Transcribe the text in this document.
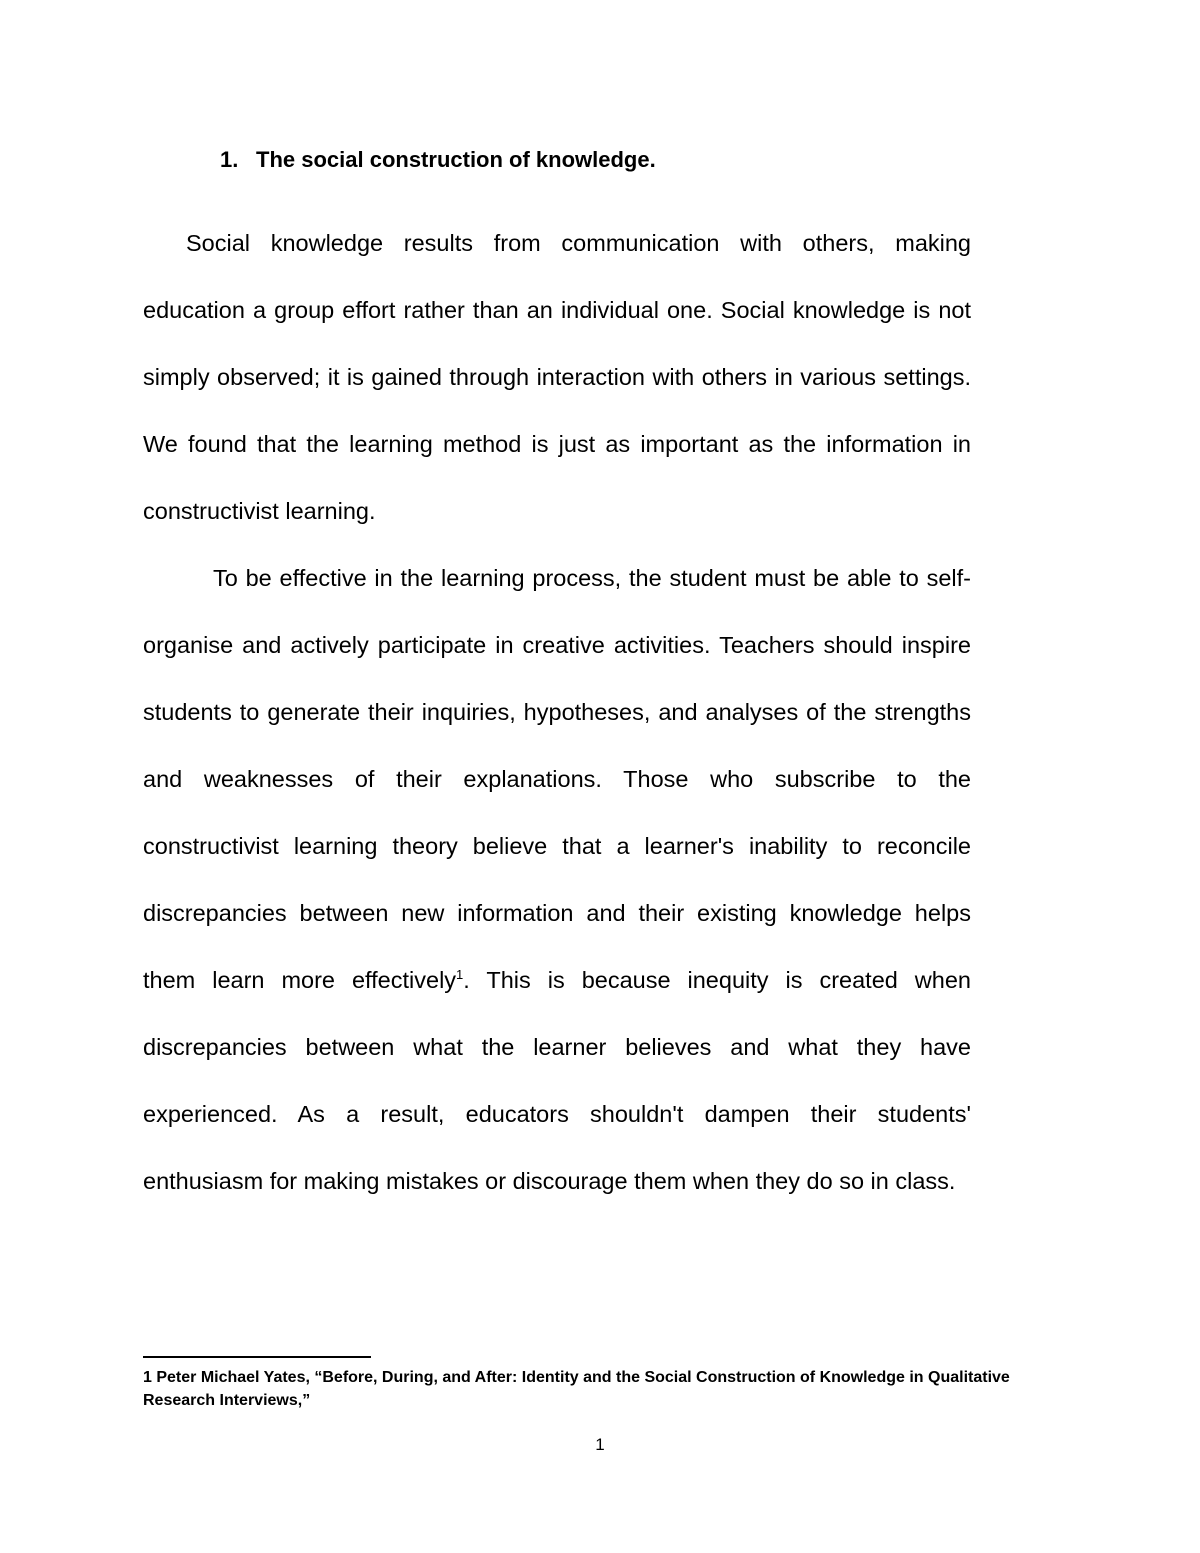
1. The social construction of knowledge.

Social knowledge results from communication with others, making education a group effort rather than an individual one. Social knowledge is not simply observed; it is gained through interaction with others in various settings. We found that the learning method is just as important as the information in constructivist learning.

To be effective in the learning process, the student must be able to self-organise and actively participate in creative activities. Teachers should inspire students to generate their inquiries, hypotheses, and analyses of the strengths and weaknesses of their explanations. Those who subscribe to the constructivist learning theory believe that a learner's inability to reconcile discrepancies between new information and their existing knowledge helps them learn more effectively$^1$. This is because inequity is created when discrepancies between what the learner believes and what they have experienced. As a result, educators shouldn't dampen their students' enthusiasm for making mistakes or discourage them when they do so in class.

1 Peter Michael Yates, “Before, During, and After: Identity and the Social Construction of Knowledge in Qualitative Research Interviews,”
1
